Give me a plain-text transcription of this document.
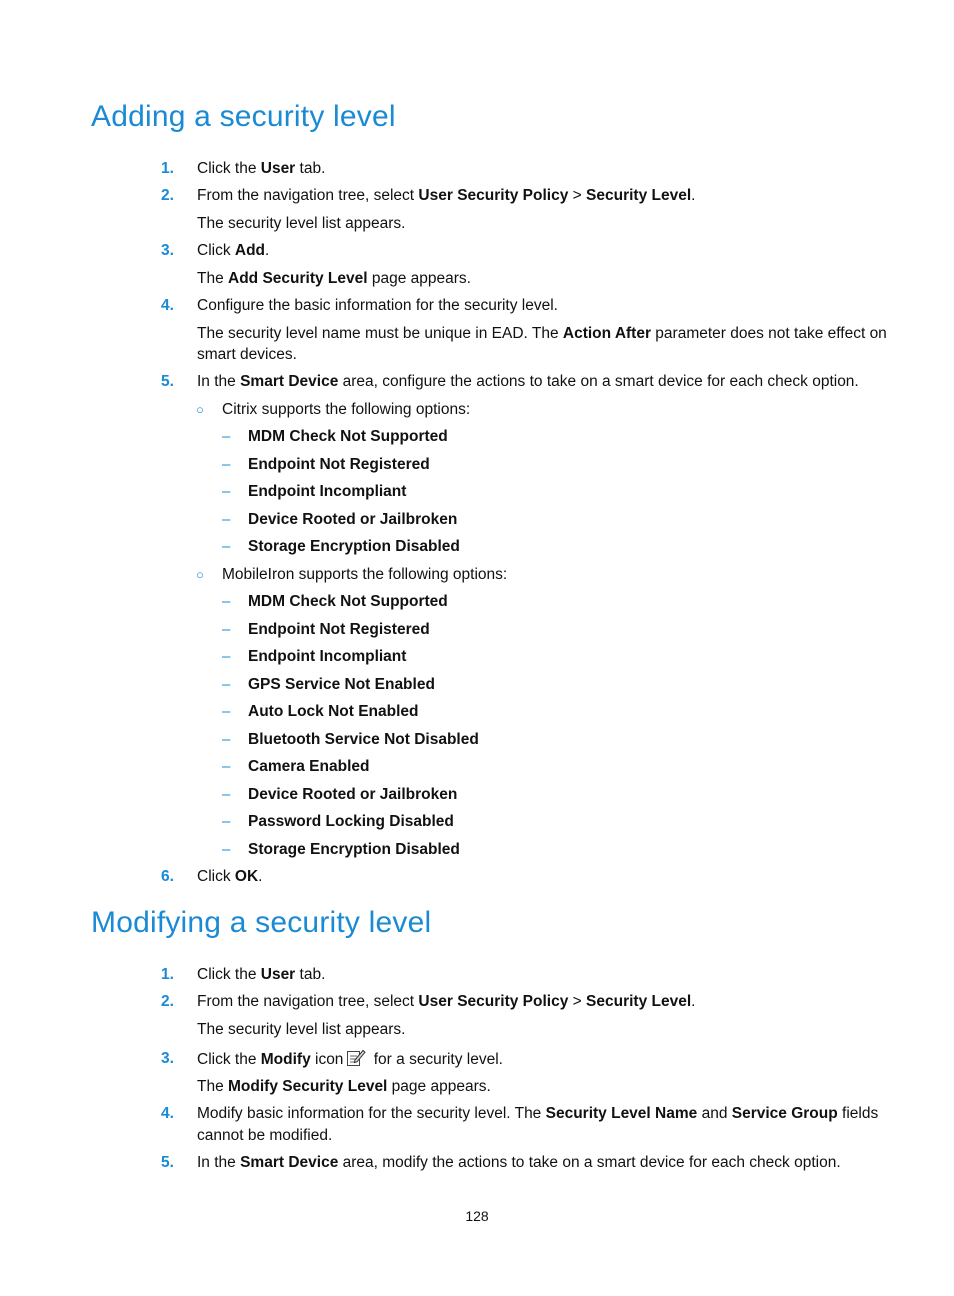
Adding a security level
1. Click the User tab.
2. From the navigation tree, select User Security Policy > Security Level.
The security level list appears.
3. Click Add.
The Add Security Level page appears.
4. Configure the basic information for the security level.
The security level name must be unique in EAD. The Action After parameter does not take effect on
smart devices.
5. In the Smart Device area, configure the actions to take on a smart device for each check option.
○ Citrix supports the following options:
– MDM Check Not Supported
– Endpoint Not Registered
– Endpoint Incompliant
– Device Rooted or Jailbroken
– Storage Encryption Disabled
○ MobileIron supports the following options:
– MDM Check Not Supported
– Endpoint Not Registered
– Endpoint Incompliant
– GPS Service Not Enabled
– Auto Lock Not Enabled
– Bluetooth Service Not Disabled
– Camera Enabled
– Device Rooted or Jailbroken
– Password Locking Disabled
– Storage Encryption Disabled
6. Click OK.
Modifying a security level
1. Click the User tab.
2. From the navigation tree, select User Security Policy > Security Level.
The security level list appears.
3. Click the Modify icon for a security level.
The Modify Security Level page appears.
4. Modify basic information for the security level. The Security Level Name and Service Group fields
cannot be modified.
5. In the Smart Device area, modify the actions to take on a smart device for each check option.
128
